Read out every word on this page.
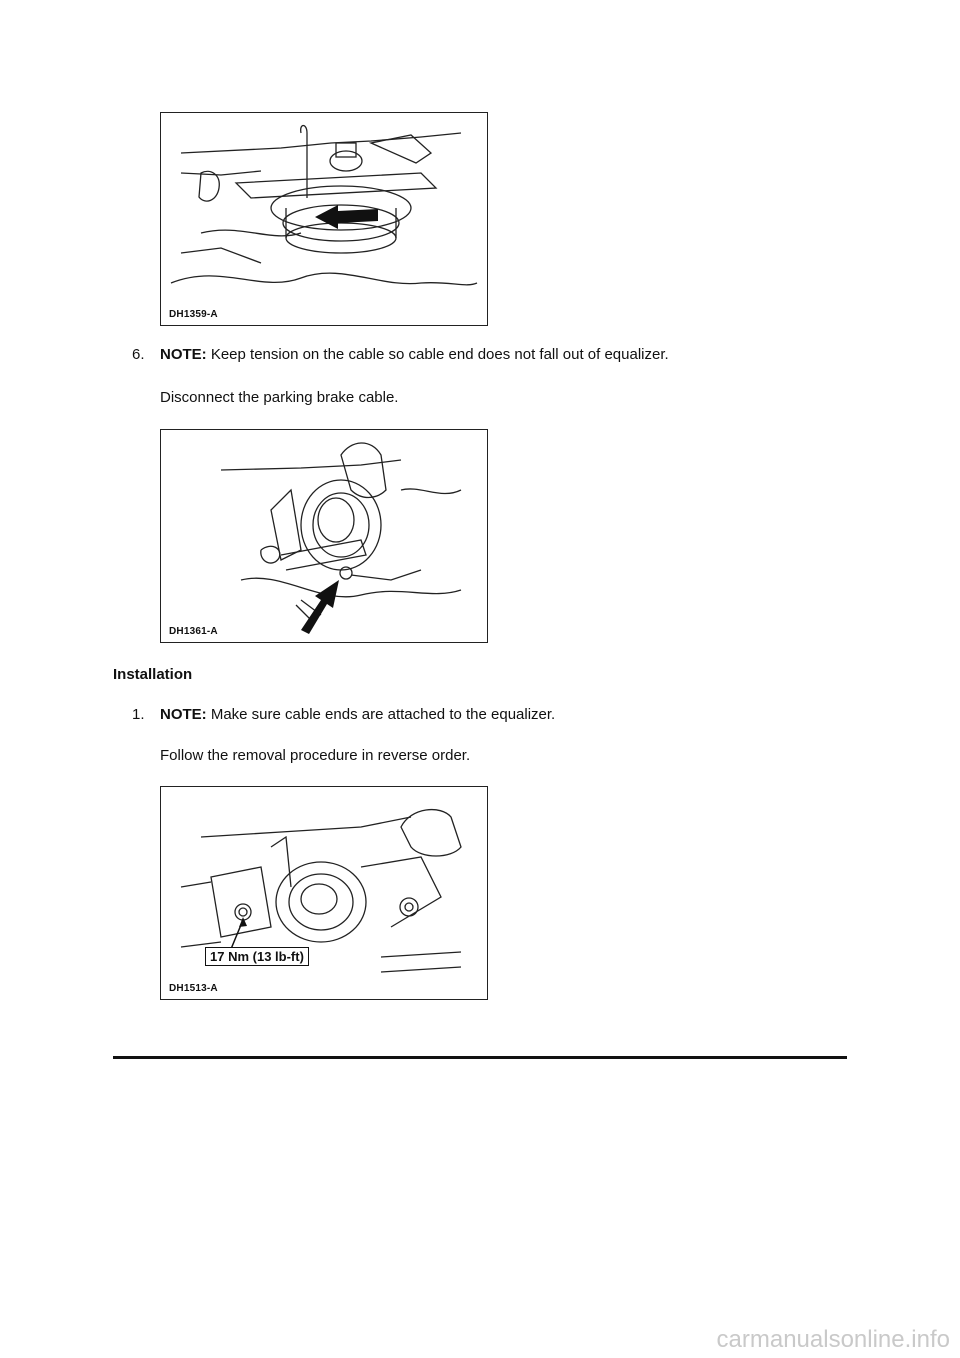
DH1359-A
6. NOTE: Keep tension on the cable so cable end does not fall out of equalizer.
Disconnect the parking brake cable.
DH1361-A
Installation
1. NOTE: Make sure cable ends are attached to the equalizer.
Follow the removal procedure in reverse order.
17 Nm (13 lb-ft)
DH1513-A
carmanualsonline.info
